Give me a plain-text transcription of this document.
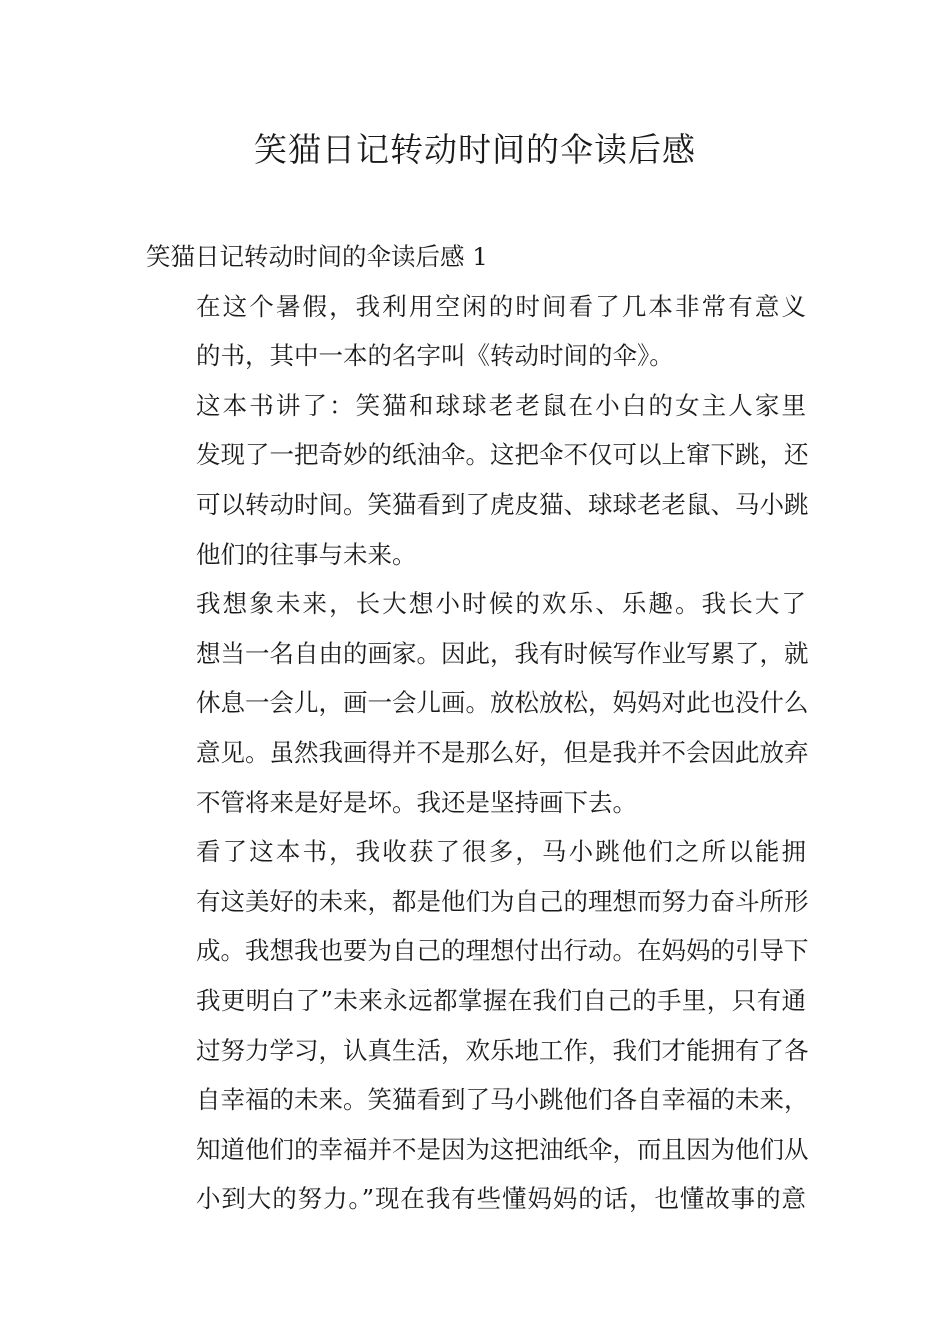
笑猫日记转动时间的伞读后感

笑猫日记转动时间的伞读后感 1

在这个暑假，我利用空闲的时间看了几本非常有意义
的书，其中一本的名字叫《转动时间的伞》。

这本书讲了：笑猫和球球老老鼠在小白的女主人家里
发现了一把奇妙的纸油伞。这把伞不仅可以上窜下跳，还
可以转动时间。笑猫看到了虎皮猫、球球老老鼠、马小跳
他们的往事与未来。

我想象未来，长大想小时候的欢乐、乐趣。我长大了
想当一名自由的画家。因此，我有时候写作业写累了，就
休息一会儿，画一会儿画。放松放松，妈妈对此也没什么
意见。虽然我画得并不是那么好，但是我并不会因此放弃
不管将来是好是坏。我还是坚持画下去。

看了这本书，我收获了很多，马小跳他们之所以能拥
有这美好的未来，都是他们为自己的理想而努力奋斗所形
成。我想我也要为自己的理想付出行动。在妈妈的引导下
我更明白了”未来永远都掌握在我们自己的手里，只有通
过努力学习，认真生活，欢乐地工作，我们才能拥有了各
自幸福的未来。笑猫看到了马小跳他们各自幸福的未来，
知道他们的幸福并不是因为这把油纸伞，而且因为他们从
小到大的努力。”现在我有些懂妈妈的话，也懂故事的意
